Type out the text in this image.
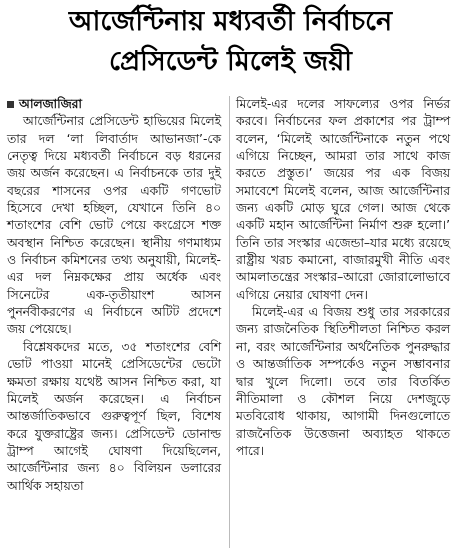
আর্জেন্টিনায় মধ্যবর্তী নির্বাচনে
প্রেসিডেন্ট মিলেই জয়ী
আলজাজিরা

আর্জেন্টিনার প্রেসিডেন্ট হাভিয়ের মিলেই তার দল ‘লা লিবার্তাদ আভানজা’-কে নেতৃত্ব দিয়ে মধ্যবর্তী নির্বাচনে বড় ধরনের জয় অর্জন করেছেন। এ নির্বাচনকে তার দুই বছরের শাসনের ওপর একটি গণভোট হিসেবে দেখা হচ্ছিল, যেখানে তিনি ৪০ শতাংশের বেশি ভোট পেয়ে কংগ্রেসে শক্ত অবস্থান নিশ্চিত করেছেন। স্থানীয় গণমাধ্যম ও নির্বাচন কমিশনের তথ্য অনুযায়ী, মিলেই-এর দল নিম্নকক্ষের প্রায় অর্ধেক এবং সিনেটের এক-তৃতীয়াংশ আসন পুনর্নবীকরণের এ নির্বাচনে অটিট প্রদেশে জয় পেয়েছে।

বিশ্লেষকদের মতে, ৩৫ শতাংশের বেশি ভোট পাওয়া মানেই প্রেসিডেন্টের ভেটো ক্ষমতা রক্ষায় যথেষ্ট আসন নিশ্চিত করা, যা মিলেই অর্জন করেছেন। এ নির্বাচন আন্তর্জাতিকভাবে গুরুত্বপূর্ণ ছিল, বিশেষ করে যুক্তরাষ্ট্রের জন্য। প্রেসিডেন্ট ডোনাল্ড ট্রাম্প আগেই ঘোষণা দিয়েছিলেন, আর্জেন্টিনার জন্য ৪০ বিলিয়ন ডলারের আর্থিক সহায়তা

মিলেই-এর দলের সাফল্যের ওপর নির্ভর করবে। নির্বাচনের ফল প্রকাশের পর ট্রাম্প বলেন, ‘মিলেই আর্জেন্টিনাকে নতুন পথে এগিয়ে নিচ্ছেন, আমরা তার সাথে কাজ করতে প্রস্তুত।’ জয়ের পর এক বিজয় সমাবেশে মিলেই বলেন, আজ আর্জেন্টিনার জন্য একটি মোড় ঘুরে গেল। আজ থেকে একটি মহান আর্জেন্টিনা নির্মাণ শুরু হলো।’ তিনি তার সংস্কার এজেন্ডা–যার মধ্যে রয়েছে রাষ্ট্রীয় খরচ কমানো, বাজারমুখী নীতি এবং আমলাতন্ত্রের সংস্কার–আরো জোরালোভাবে এগিয়ে নেয়ার ঘোষণা দেন।

মিলেই-এর এ বিজয় শুধু তার সরকারের জন্য রাজনৈতিক স্থিতিশীলতা নিশ্চিত করল না, বরং আর্জেন্টিনার অর্থনৈতিক পুনরুদ্ধার ও আন্তর্জাতিক সম্পর্কেও নতুন সম্ভাবনার দ্বার খুলে দিলো। তবে তার বিতর্কিত নীতিমালা ও কৌশল নিয়ে দেশজুড়ে মতবিরোধ থাকায়, আগামী দিনগুলোতে রাজনৈতিক উত্তেজনা অব্যাহত থাকতে পারে।
